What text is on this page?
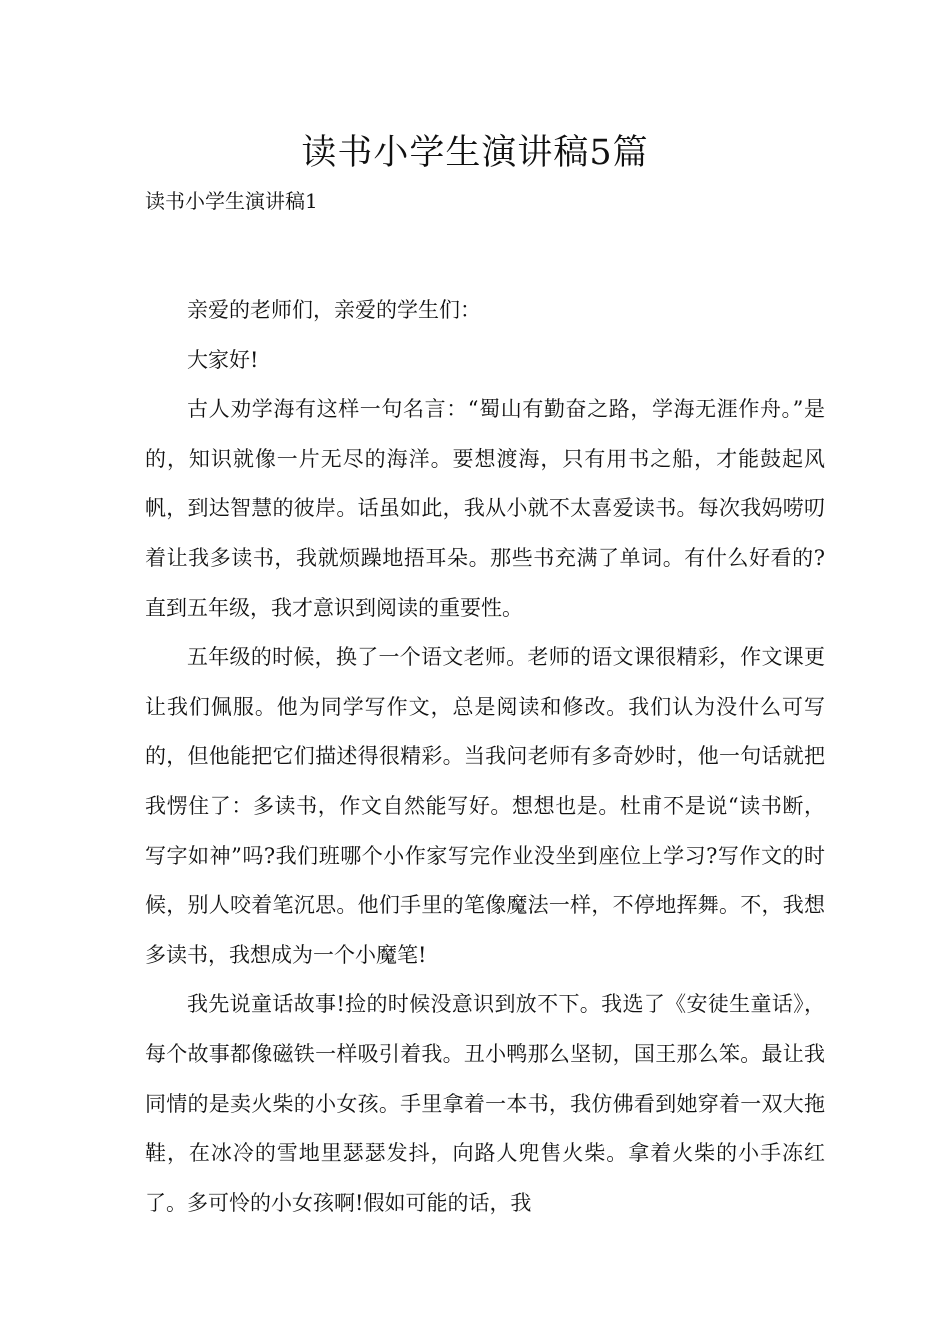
读书小学生演讲稿5篇
读书小学生演讲稿1

亲爱的老师们，亲爱的学生们：

大家好!

古人劝学海有这样一句名言：“蜀山有勤奋之路，学海无涯作舟。”是的，知识就像一片无尽的海洋。要想渡海，只有用书之船，才能鼓起风帆，到达智慧的彼岸。话虽如此，我从小就不太喜爱读书。每次我妈唠叨着让我多读书，我就烦躁地捂耳朵。那些书充满了单词。有什么好看的?直到五年级，我才意识到阅读的重要性。

五年级的时候，换了一个语文老师。老师的语文课很精彩，作文课更让我们佩服。他为同学写作文，总是阅读和修改。我们认为没什么可写的，但他能把它们描述得很精彩。当我问老师有多奇妙时，他一句话就把我愣住了：多读书，作文自然能写好。想想也是。杜甫不是说“读书断，写字如神”吗?我们班哪个小作家写完作业没坐到座位上学习?写作文的时候，别人咬着笔沉思。他们手里的笔像魔法一样，不停地挥舞。不，我想多读书，我想成为一个小魔笔!

我先说童话故事!捡的时候没意识到放不下。我选了《安徒生童话》，每个故事都像磁铁一样吸引着我。丑小鸭那么坚韧，国王那么笨。最让我同情的是卖火柴的小女孩。手里拿着一本书，我仿佛看到她穿着一双大拖鞋，在冰冷的雪地里瑟瑟发抖，向路人兜售火柴。拿着火柴的小手冻红了。多可怜的小女孩啊!假如可能的话，我
